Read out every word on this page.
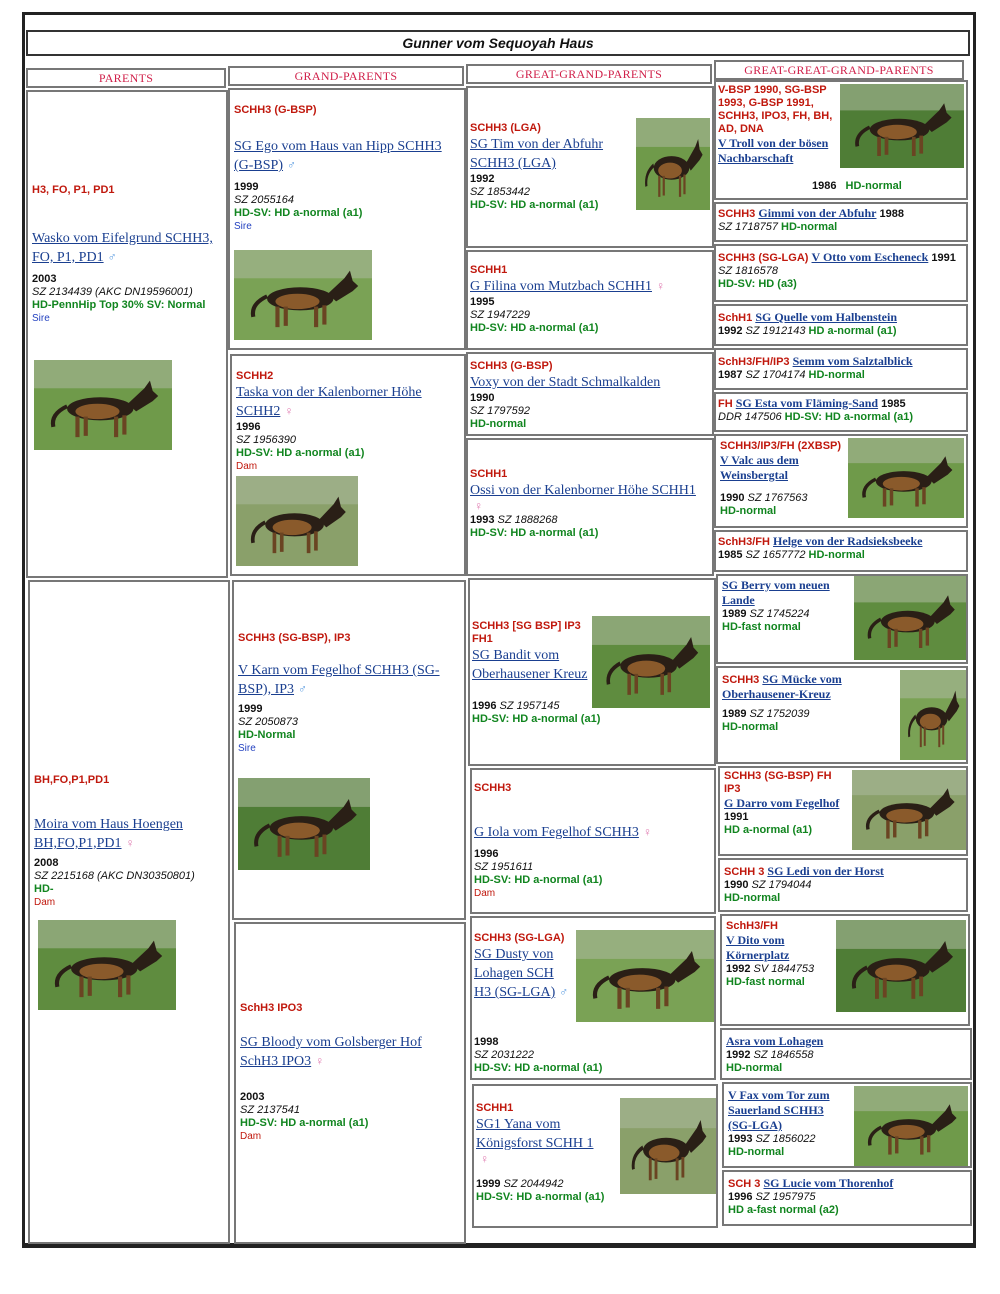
Gunner vom Sequoyah Haus
PARENTS	GRAND-PARENTS	GREAT-GRAND-PARENTS	GREAT-GREAT-GRAND-PARENTS
H3, FO, P1, PD1
Wasko vom Eifelgrund SCHH3, FO, P1, PD1 ♂
2003
SZ 2134439 (AKC DN19596001)
HD-PennHip Top 30% SV: Normal
Sire
BH,FO,P1,PD1
Moira vom Haus Hoengen BH,FO,P1,PD1 ♀
2008
SZ 2215168 (AKC DN30350801)
HD-
Dam
SCHH3 (G-BSP)
SG Ego vom Haus van Hipp SCHH3 (G-BSP) ♂
1999
SZ 2055164
HD-SV: HD a-normal (a1)
Sire
SCHH2
Taska von der Kalenborner Höhe SCHH2 ♀
1996
SZ 1956390
HD-SV: HD a-normal (a1)
Dam
SCHH3 (SG-BSP), IP3
V Karn vom Fegelhof SCHH3 (SG-BSP), IP3 ♂
1999
SZ 2050873
HD-Normal
Sire
SchH3 IPO3
SG Bloody vom Golsberger Hof SchH3 IPO3 ♀
2003
SZ 2137541
HD-SV: HD a-normal (a1)
Dam
SCHH3 (LGA)
SG Tim von der Abfuhr SCHH3 (LGA)
1992
SZ 1853442
HD-SV: HD a-normal (a1)
SCHH1
G Filina vom Mutzbach SCHH1 ♀
1995
SZ 1947229
HD-SV: HD a-normal (a1)
SCHH3 (G-BSP)
Voxy von der Stadt Schmalkalden
1990
SZ 1797592
HD-normal
SCHH1
Ossi von der Kalenborner Höhe SCHH1♀
1993 SZ 1888268
HD-SV: HD a-normal (a1)
SCHH3 [SG BSP] IP3 FH1
SG Bandit vom Oberhausener Kreuz
1996 SZ 1957145
HD-SV: HD a-normal (a1)
SCHH3
G Iola vom Fegelhof SCHH3 ♀
1996
SZ 1951611
HD-SV: HD a-normal (a1)
Dam
SCHH3 (SG-LGA)
SG Dusty von Lohagen SCH H3 (SG-LGA) ♂
1998
SZ 2031222
HD-SV: HD a-normal (a1)
SCHH1
SG1 Yana vom Königsforst SCHH 1♀
1999 SZ 2044942
HD-SV: HD a-normal (a1)
V-BSP 1990, SG-BSP 1993, G-BSP 1991, SCHH3, IPO3, FH, BH, AD, DNA
V Troll von der bösen Nachbarschaft
1986 HD-normal
SCHH3 Gimmi von der Abfuhr 1988
SZ 1718757 HD-normal
SCHH3 (SG-LGA) V Otto vom Escheneck 1991 SZ 1816578
HD-SV: HD (a3)
SchH1 SG Quelle vom Halbenstein
1992 SZ 1912143 HD a-normal (a1)
SchH3/FH/IP3 Semm vom Salztalblick
1987 SZ 1704174 HD-normal
FH SG Esta vom Fläming-Sand 1985
DDR 147506 HD-SV: HD a-normal (a1)
SCHH3/IP3/FH (2XBSP)
V Valc aus dem Weinsbergtal
1990 SZ 1767563
HD-normal
SchH3/FH Helge von der Radsieksbeeke
1985 SZ 1657772 HD-normal
SG Berry vom neuen Lande
1989 SZ 1745224
HD-fast normal
SCHH3 SG Mücke vom Oberhausener-Kreuz
1989 SZ 1752039
HD-normal
SCHH3 (SG-BSP) FH IP3
G Darro vom Fegelhof
1991
HD a-normal (a1)
SCHH 3 SG Ledi von der Horst
1990 SZ 1794044
HD-normal
SchH3/FH
V Dito vom Körnerplatz
1992 SV 1844753
HD-fast normal
Asra vom Lohagen
1992 SZ 1846558
HD-normal
V Fax vom Tor zum Sauerland SCHH3 (SG-LGA)
1993 SZ 1856022
HD-normal
SCH 3 SG Lucie vom Thorenhof
1996 SZ 1957975
HD a-fast normal (a2)
